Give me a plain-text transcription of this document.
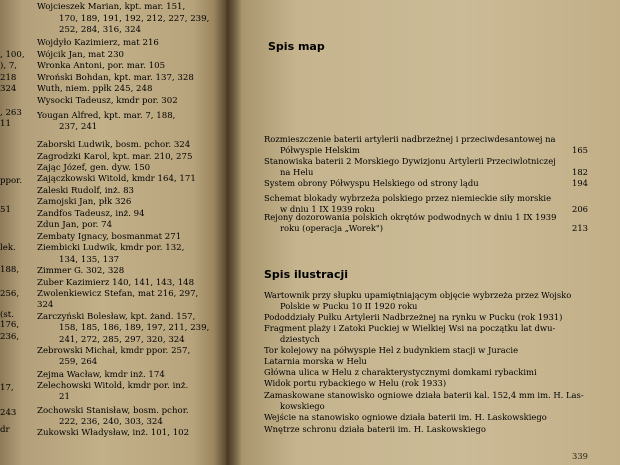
Wojcieszek Marian, kpt. mar. 151,
170, 189, 191, 192, 212, 227, 239,
252, 284, 316, 324
Wojdyło Kazimierz, mat 216
Wójcik Jan, mat 230
Wronka Antoni, por. mar. 105
Wroński Bohdan, kpt. mar. 137, 328
Wuth, niem. ppłk 245, 248
Wysocki Tadeusz, kmdr por. 302
Yougan Alfred, kpt. mar. 7, 188,
237, 241
Zaborski Ludwik, bosm. pchor. 324
Zagrodzki Karol, kpt. mar. 210, 275
Zając Józef, gen. dyw. 150
Zajączkowski Witold, kmdr 164, 171
Zaleski Rudolf, inż. 83
Zamojski Jan, płk 326
Zandfos Tadeusz, inż. 94
Zdun Jan, por. 74
Zembaty Ignacy, bosmanmat 271
Ziembicki Ludwik, kmdr por. 132,
134, 135, 137
Zimmer G. 302, 328
Zuber Kazimierz 140, 141, 143, 148
Zwolenkiewicz Stefan, mat 216, 297,
324
Żarczyński Bolesław, kpt. żand. 157,
158, 185, 186, 189, 197, 211, 239,
241, 272, 285, 297, 320, 324
Żebrowski Michał, kmdr ppor. 257,
259, 264
Żejma Wacław, kmdr inż. 174
Żelechowski Witold, kmdr por. inż.
21
Żochowski Stanisław, bosm. pchor.
222, 236, 240, 303, 324
Żukowski Władysław, inż. 101, 102
, 100,
), 7,
218
324
, 263
11
ppor.
51
lek.
188,
256,
(st.
176,
236,
17,
243
dr
Spis map
Rozmieszczenie baterii artylerii nadbrzeżnej i przeciwdesantowej na
Półwyspie Helskim	165
Stanowiska baterii 2 Morskiego Dywizjonu Artylerii Przeciwlotniczej
na Helu	182
System obrony Półwyspu Helskiego od strony lądu	194
Schemat blokady wybrzeża polskiego przez niemieckie siły morskie
w dniu 1 IX 1939 roku	206
Rejony dozorowania polskich okrętów podwodnych w dniu 1 IX 1939
roku (operacja „Worek")	213
Spis ilustracji
Wartownik przy słupku upamiętniającym objęcie wybrzeża przez Wojsko
Polskie w Pucku 10 II 1920 roku
Pododdziały Pułku Artylerii Nadbrzeżnej na rynku w Pucku (rok 1931)
Fragment plaży i Zatoki Puckiej w Wielkiej Wsi na początku lat dwu-
dziestych
Tor kolejowy na półwyspie Hel z budynkiem stacji w Juracie
Latarnia morska w Helu
Główna ulica w Helu z charakterystycznymi domkami rybackimi
Widok portu rybackiego w Helu (rok 1933)
Zamaskowane stanowisko ogniowe działa baterii kal. 152,4 mm im. H. Las-
kowskiego
Wejście na stanowisko ogniowe działa baterii im. H. Laskowskiego
Wnętrze schronu działa baterii im. H. Laskowskiego
339
